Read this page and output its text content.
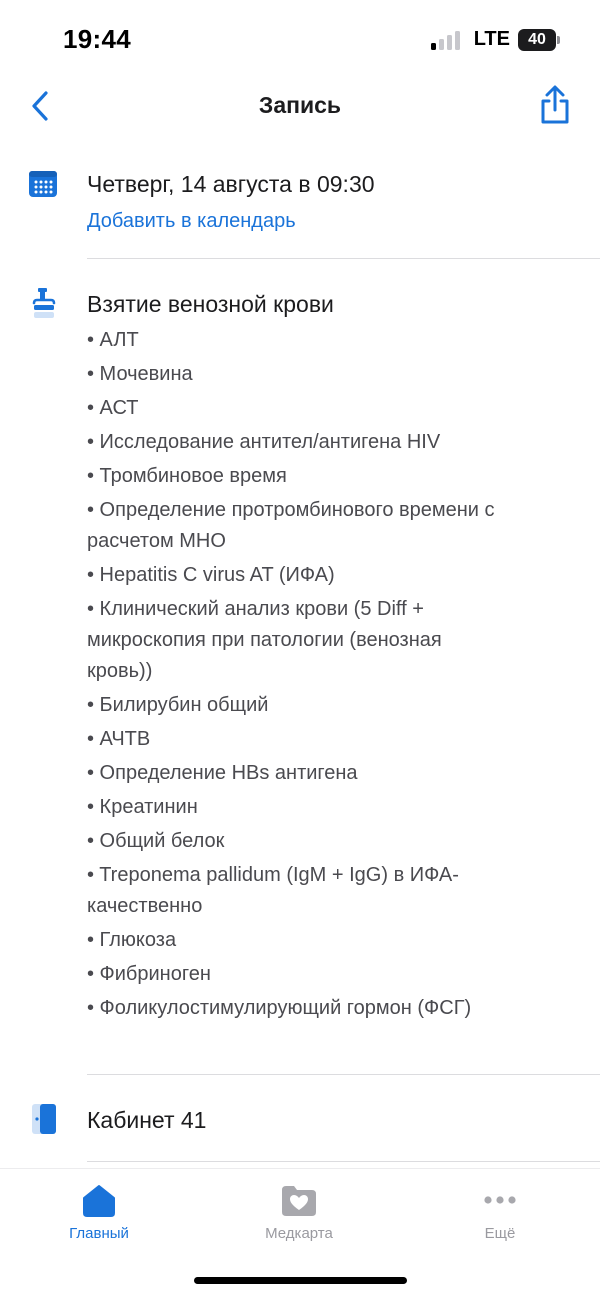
19:44	LTE	40
Запись
Четверг, 14 августа в 09:30
Добавить в календарь
Взятие венозной крови
• АЛТ
• Мочевина
• АСТ
• Исследование антител/антигена HIV
• Тромбиновое время
• Определение протромбинового времени с расчетом МНО
• Hepatitis C virus AT (ИФА)
• Клинический анализ крови (5 Diff + микроскопия при патологии (венозная кровь))
• Билирубин общий
• АЧТВ
• Определение HBs антигена
• Креатинин
• Общий белок
• Treponema pallidum (IgM + IgG) в ИФА-качественно
• Глюкоза
• Фибриноген
• Фоликулостимулирующий гормон (ФСГ)
Кабинет 41
Главный	Медкарта	Ещё
